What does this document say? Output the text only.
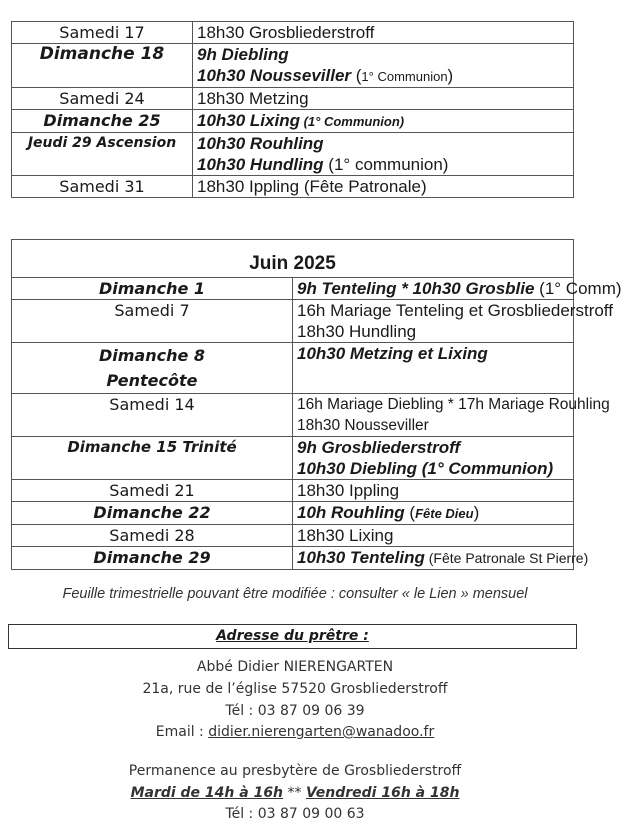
Samedi 17	18h30 Grosbliederstroff

Dimanche 18	9h Diebling
10h30 Nousseviller (1° Communion)

Samedi 24	18h30 Metzing

Dimanche 25	10h30 Lixing (1° Communion)

Jeudi 29 Ascension	10h30 Rouhling
10h30 Hundling (1° communion)

Samedi 31	18h30 Ippling (Fête Patronale)
Juin 2025	
Dimanche 1	9h Tenteling * 10h30 Grosblie (1° Comm)

Samedi 7	16h Mariage Tenteling et Grosbliederstroff
18h30 Hundling

Dimanche 8
Pentecôte	10h30 Metzing et Lixing

Samedi 14	16h Mariage Diebling * 17h Mariage Rouhling
18h30 Nousseviller

Dimanche 15 Trinité	9h Grosbliederstroff
10h30 Diebling (1° Communion)

Samedi 21	18h30 Ippling

Dimanche 22	10h Rouhling (Fête Dieu)

Samedi 28	18h30 Lixing

Dimanche 29	10h30 Tenteling (Fête Patronale St Pierre)
Feuille trimestrielle pouvant être modifiée : consulter « le Lien » mensuel
Adresse du prêtre :
Abbé Didier NIERENGARTEN
21a, rue de l’église 57520 Grosbliederstroff
Tél : 03 87 09 06 39
Email : didier.nierengarten@wanadoo.fr
Permanence au presbytère de Grosbliederstroff
Mardi de 14h à 16h ** Vendredi 16h à 18h
Tél : 03 87 09 00 63
